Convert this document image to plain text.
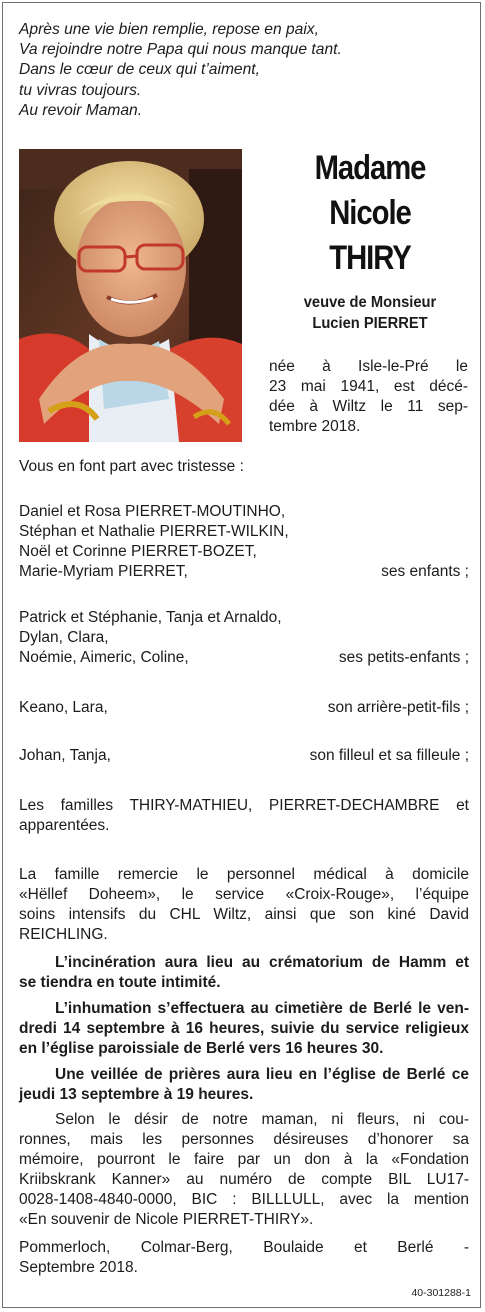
Après une vie bien remplie, repose en paix,
Va rejoindre notre Papa qui nous manque tant.
Dans le cœur de ceux qui t’aiment,
tu vivras toujours.
Au revoir Maman.
Madame
Nicole
THIRY
veuve de Monsieur
Lucien PIERRET
née à Isle-le-Pré le
23 mai 1941, est décé-
dée à Wiltz le 11 sep-
tembre 2018.
Vous en font part avec tristesse :
Daniel et Rosa PIERRET-MOUTINHO,
Stéphan et Nathalie PIERRET-WILKIN,
Noël et Corinne PIERRET-BOZET,
Marie-Myriam PIERRET,	ses enfants ;
Patrick et Stéphanie, Tanja et Arnaldo,
Dylan, Clara,
Noémie, Aimeric, Coline,	ses petits-enfants ;
Keano, Lara,	son arrière-petit-fils ;
Johan, Tanja,	son filleul et sa filleule ;
Les familles THIRY-MATHIEU, PIERRET-DECHAMBRE et
apparentées.
La famille remercie le personnel médical à domicile
«Hëllef Doheem», le service «Croix-Rouge», l’équipe
soins intensifs du CHL Wiltz, ainsi que son kiné David
REICHLING.
L’incinération aura lieu au crématorium de Hamm et
se tiendra en toute intimité.
L’inhumation s’effectuera au cimetière de Berlé le ven-
dredi 14 septembre à 16 heures, suivie du service religieux
en l’église paroissiale de Berlé vers 16 heures 30.
Une veillée de prières aura lieu en l’église de Berlé ce
jeudi 13 septembre à 19 heures.
Selon le désir de notre maman, ni fleurs, ni cou-
ronnes, mais les personnes désireuses d’honorer sa
mémoire, pourront le faire par un don à la «Fondation
Kriibskrank Kanner» au numéro de compte BIL LU17-
0028-1408-4840-0000, BIC : BILLLULL, avec la mention
«En souvenir de Nicole PIERRET-THIRY».
Pommerloch, Colmar-Berg, Boulaide et Berlé -
Septembre 2018.
40-301288-1
